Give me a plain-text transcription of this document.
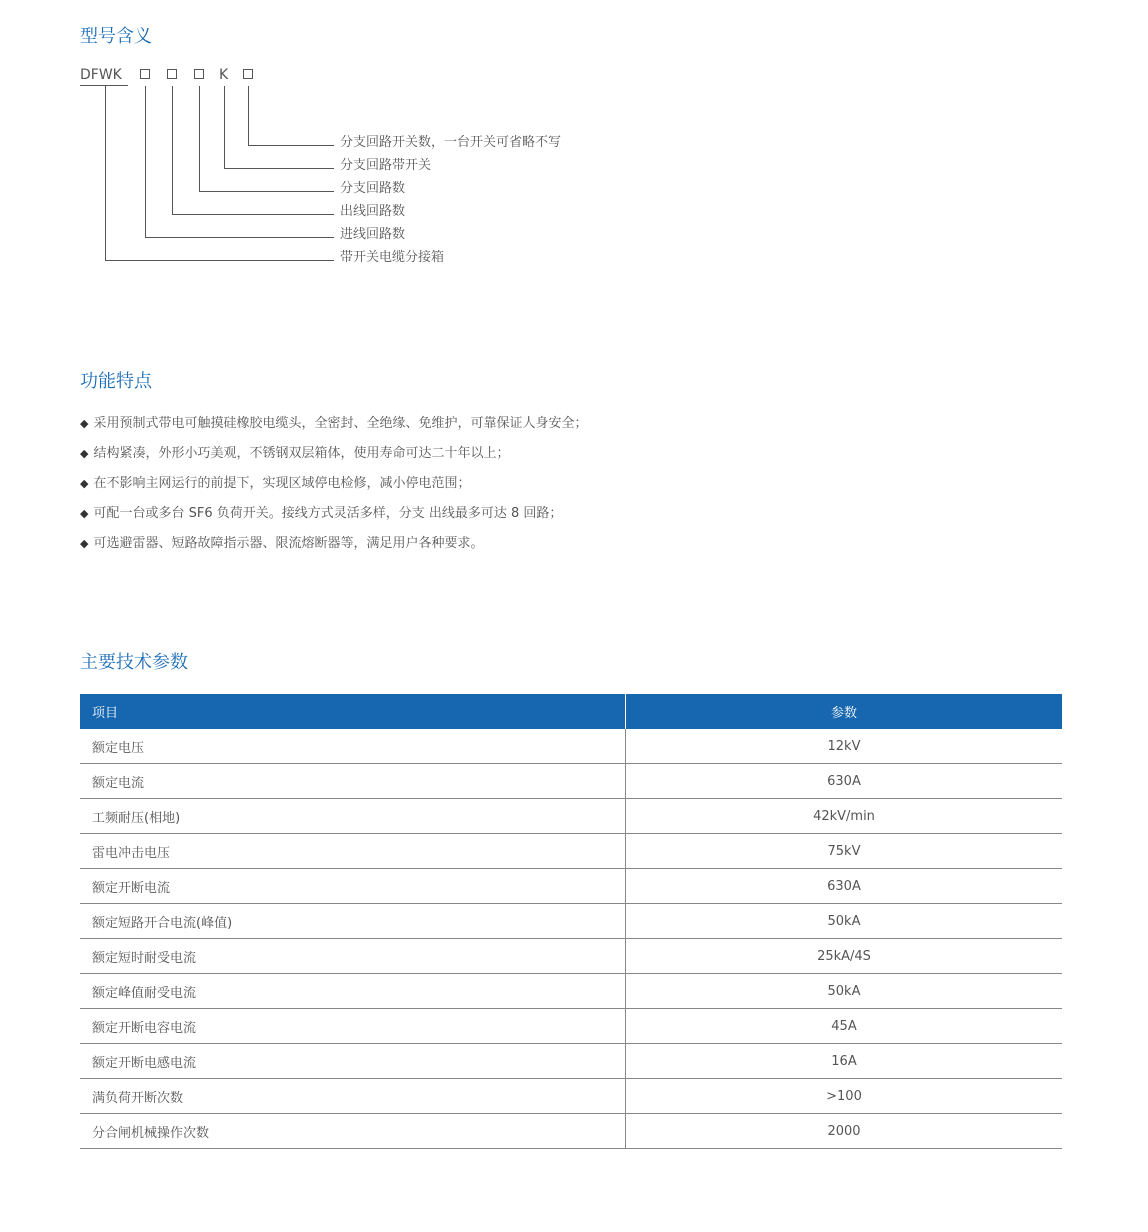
型号含义
DFWK	K
分支回路开关数，一台开关可省略不写
分支回路带开关
分支回路数
出线回路数
进线回路数
带开关电缆分接箱
功能特点
◆ 采用预制式带电可触摸硅橡胶电缆头，全密封、全绝缘、免维护，可靠保证人身安全；
◆ 结构紧凑，外形小巧美观，不锈钢双层箱体，使用寿命可达二十年以上；
◆ 在不影响主网运行的前提下，实现区域停电检修，减小停电范围；
◆ 可配一台或多台 SF6 负荷开关。接线方式灵活多样，分支 出线最多可达 8 回路；
◆ 可选避雷器、短路故障指示器、限流熔断器等，满足用户各种要求。
主要技术参数
项目	参数
额定电压	12kV
额定电流	630A
工频耐压(相地)	42kV/min
雷电冲击电压	75kV
额定开断电流	630A
额定短路开合电流(峰值)	50kA
额定短时耐受电流	25kA/4S
额定峰值耐受电流	50kA
额定开断电容电流	45A
额定开断电感电流	16A
满负荷开断次数	>100
分合闸机械操作次数	2000
